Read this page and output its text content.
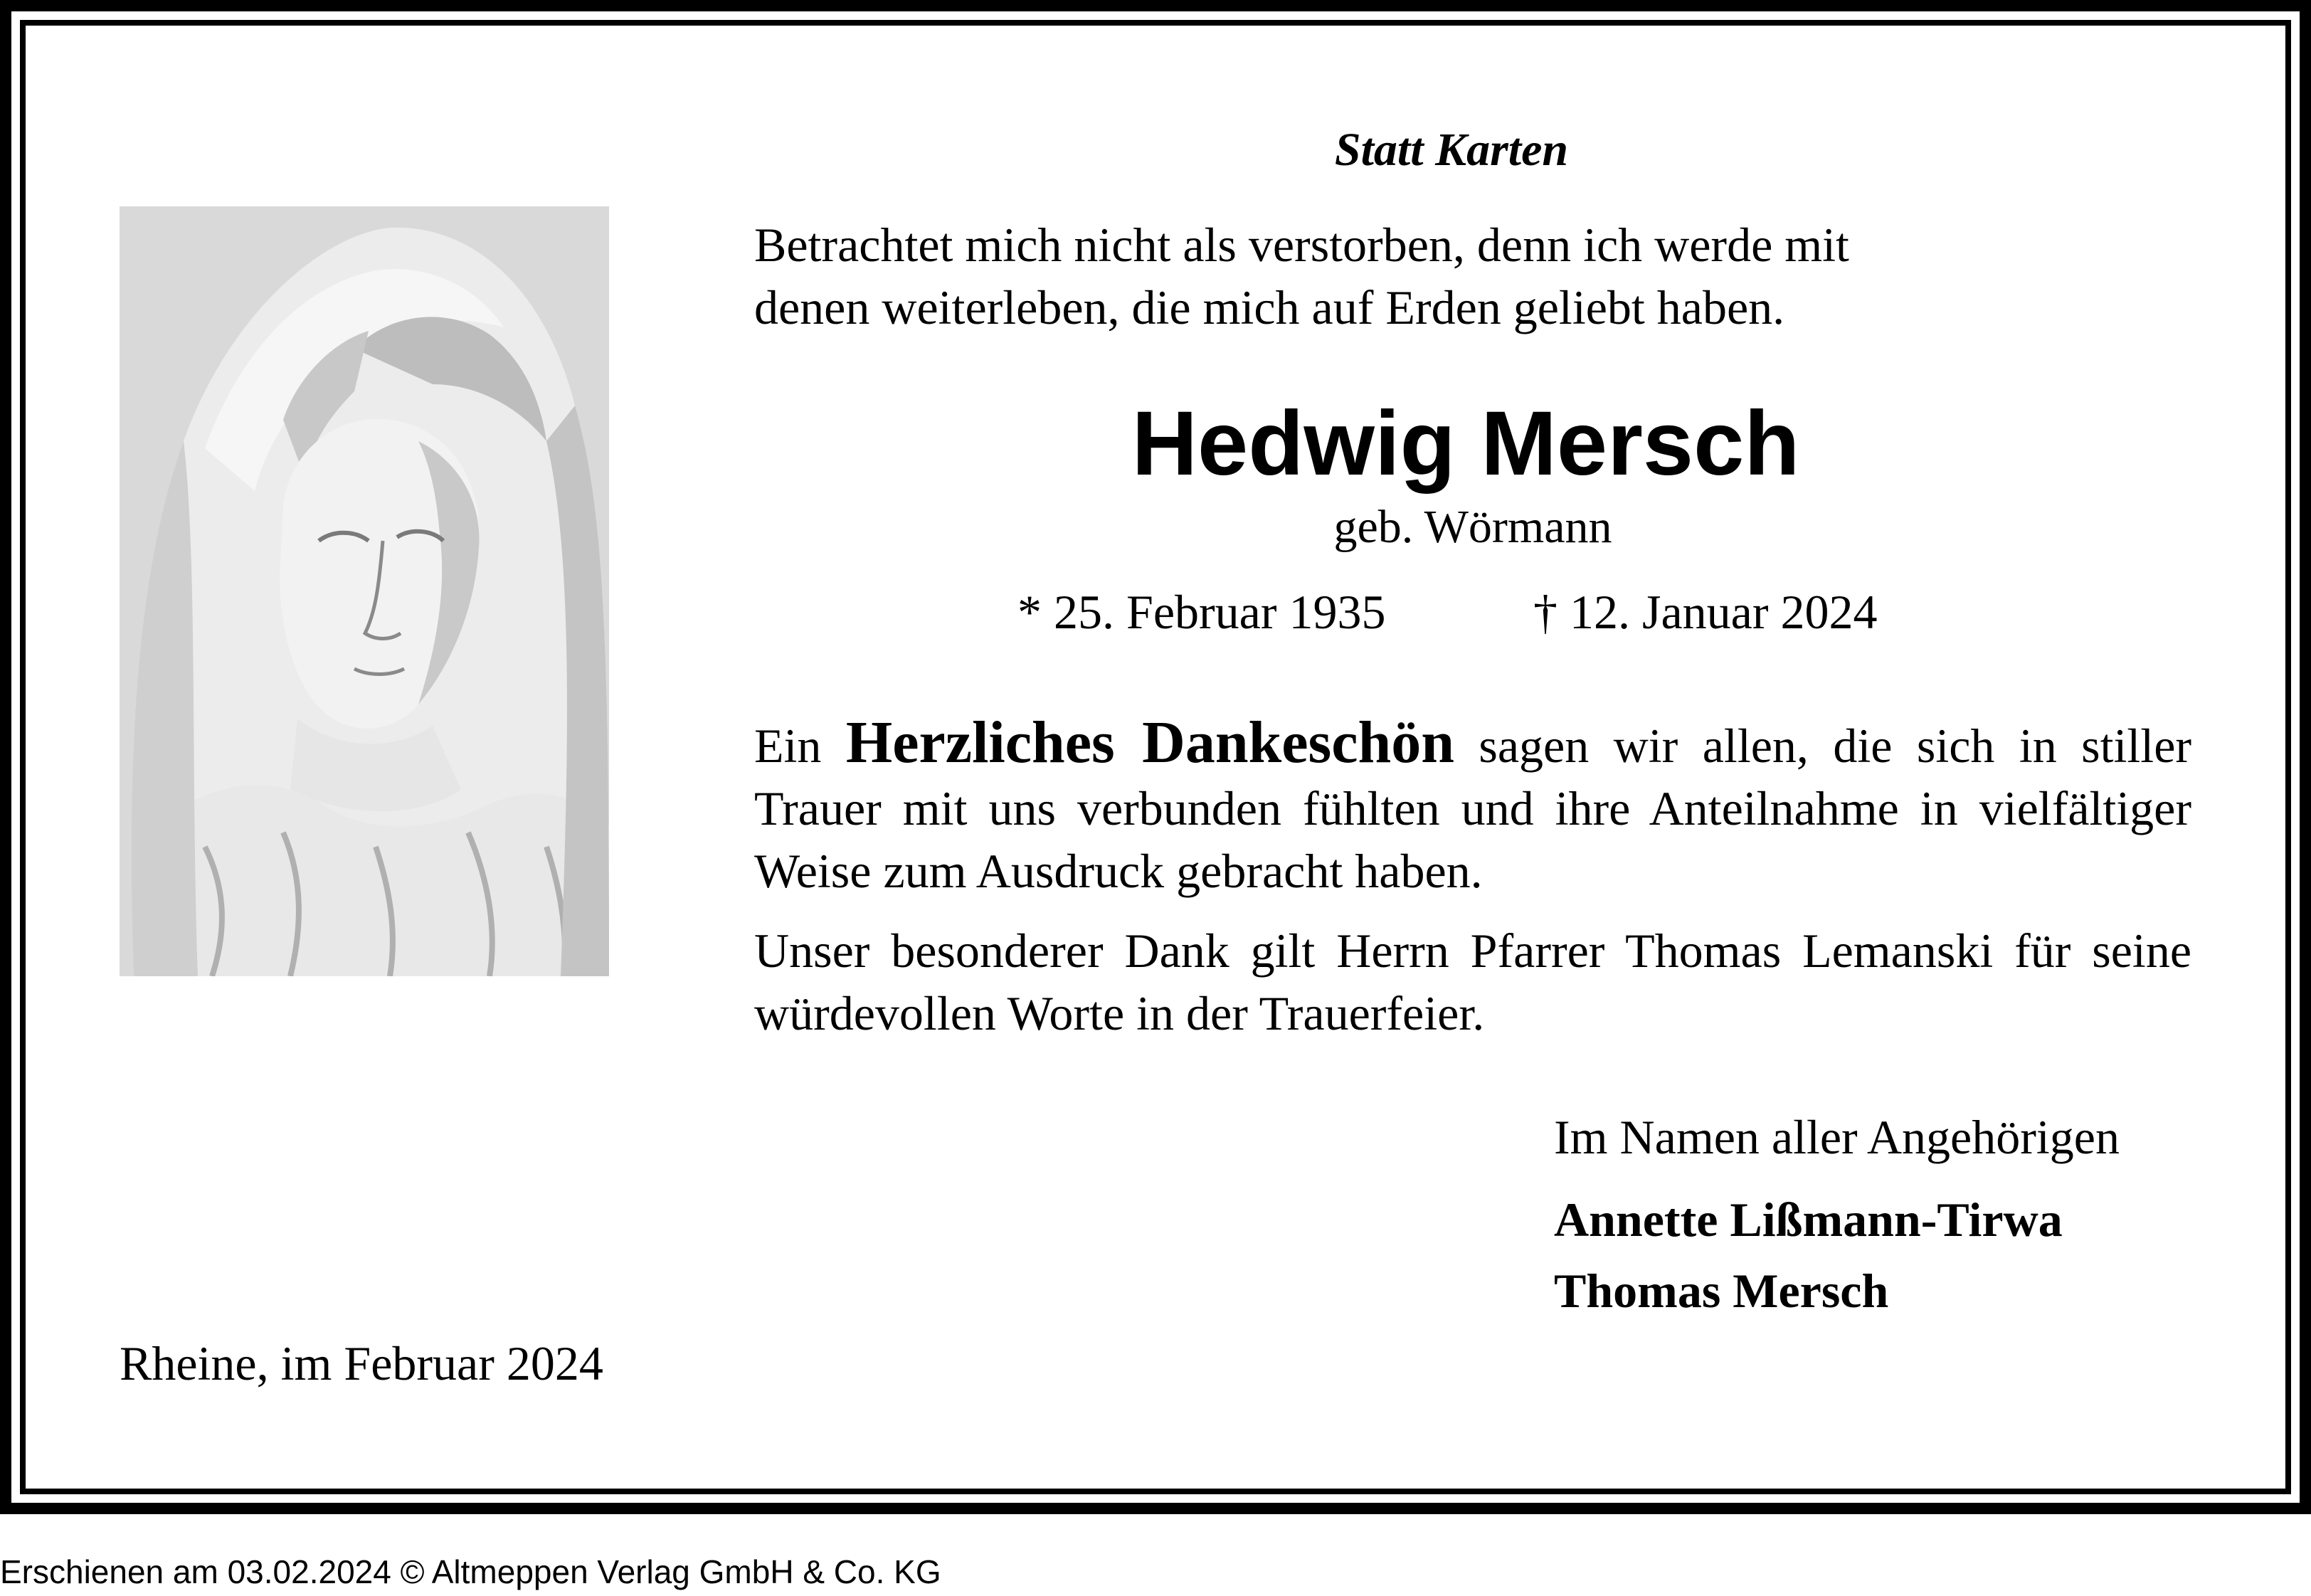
Statt Karten
Betrachtet mich nicht als verstorben, denn ich werde mit
denen weiterleben, die mich auf Erden geliebt haben.
Hedwig Mersch
geb. Wörmann
* 25. Februar 1935	† 12. Januar 2024
Ein Herzliches Dankeschön sagen wir allen, die sich in stiller Trauer mit uns verbunden fühlten und ihre Anteilnahme in vielfältiger Weise zum Ausdruck gebracht haben.
Unser besonderer Dank gilt Herrn Pfarrer Thomas Lemanski für seine würdevollen Worte in der Trauerfeier.
Im Namen aller Angehörigen
Annette Lißmann-Tirwa
Thomas Mersch
Rheine, im Februar 2024
Erschienen am 03.02.2024 © Altmeppen Verlag GmbH & Co. KG
